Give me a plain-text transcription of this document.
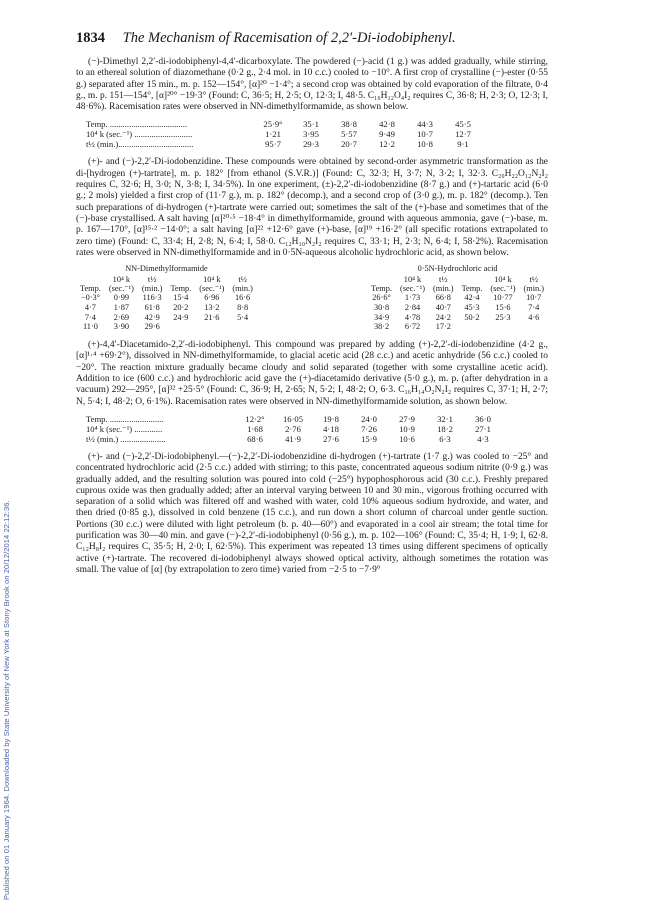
Published on 01 January 1964. Downloaded by State University of New York at Stony Brook on 20/12/2014 22:12:36.
1834 The Mechanism of Racemisation of 2,2′-Di-iodobiphenyl.

(−)-Dimethyl 2,2′-di-iodobiphenyl-4,4′-dicarboxylate. The powdered (−)-acid (1 g.) was added gradually, while stirring, to an ethereal solution of diazomethane (0·2 g., 2·4 mol. in 10 c.c.) cooled to −10°. A first crop of crystalline (−)-ester (0·55 g.) separated after 15 min., m. p. 152—154°, [α]²⁰ −1·4°; a second crop was obtained by cold evaporation of the filtrate, 0·4 g., m. p. 151—154°, [α]²⁰° −19·3° (Found: C, 36·5; H, 2·5; O, 12·3; I, 48·5. C₁₆H₁₂O₄I₂ requires C, 36·8; H, 2·3; O, 12·3; I, 48·6%). Racemisation rates were observed in NN-dimethylformamide, as shown below.

Temp. ....................................	25·9°	35·1	38·8	42·8	44·3	45·5
10⁴ k (sec.⁻¹) ...........................	1·21	3·95	5·57	9·49	10·7	12·7
t½ (min.)...................................	95·7	29·3	20·7	12·2	10·8	9·1

(+)- and (−)-2,2′-Di-iodobenzidine. These compounds were obtained by second-order asymmetric transformation as the di-[hydrogen (+)-tartrate], m. p. 182° [from ethanol (S.V.R.)] (Found: C, 32·3; H, 3·7; N, 3·2; I, 32·3. C₂₀H₂₂O₁₂N₂I₂ requires C, 32·6; H, 3·0; N, 3·8; I, 34·5%). In one experiment, (±)-2,2′-di-iodobenzidine (8·7 g.) and (+)-tartaric acid (6·0 g.; 2 mols) yielded a first crop of (11·7 g.), m. p. 182° (decomp.), and a second crop of (3·0 g.), m. p. 182° (decomp.). Ten such preparations of di-hydrogen (+)-tartrate were carried out; sometimes the salt of the (+)-base and sometimes that of the (−)-base crystallised. A salt having [α]²⁰·⁵ −18·4° in dimethylformamide, ground with aqueous ammonia, gave (−)-base, m. p. 167—170°, [α]¹⁵·² −14·0°; a salt having [α]²² +12·6° gave (+)-base, [α]¹⁹ +16·2° (all specific rotations extrapolated to zero time) (Found: C, 33·4; H, 2·8; N, 6·4; I, 58·0. C₁₂H₁₀N₂I₂ requires C, 33·1; H, 2·3; N, 6·4; I, 58·2%). Racemisation rates were observed in NN-dimethylformamide and in 0·5N-aqueous alcoholic hydrochloric acid, as shown below.

NN-Dimethylformamide
	10⁴ k	t½		10⁴ k	t½
Temp.	(sec.⁻¹)	(min.)	Temp.	(sec.⁻¹)	(min.)
−0·3°	0·99	116·3	15·4	6·96	16·6
4·7	1·87	61·8	20·2	13·2	8·8
7·4	2·69	42·9	24·9	21·6	5·4
11·0	3·90	29·6			
0·5N-Hydrochloric acid
	10⁴ k	t½		10⁴ k	t½
Temp.	(sec.⁻¹)	(min.)	Temp.	(sec.⁻¹)	(min.)
26·6°	1·73	66·8	42·4	10·77	10·7
30·8	2·84	40·7	45·3	15·6	7·4
34·9	4·78	24·2	50·2	25·3	4·6
38·2	6·72	17·2			

(+)-4,4′-Diacetamido-2,2′-di-iodobiphenyl. This compound was prepared by adding (+)-2,2′-di-iodobenzidine (4·2 g., [α]¹·⁴ +69·2°), dissolved in NN-dimethylformamide, to glacial acetic acid (28 c.c.) and acetic anhydride (56 c.c.) cooled to −20°. The reaction mixture gradually became cloudy and solid separated (together with some crystalline acetic acid). Addition to ice (600 c.c.) and hydrochloric acid gave the (+)-diacetamido derivative (5·0 g.), m. p. (after dehydration in a vacuum) 292—295°, [α]³² +25·5° (Found: C, 36·9; H, 2·65; N, 5·2; I, 48·2; O, 6·3. C₁₆H₁₄O₂N₂I₂ requires C, 37·1; H, 2·7; N, 5·4; I, 48·2; O, 6·1%). Racemisation rates were observed in NN-dimethylformamide solution, as shown below.

Temp. .........................	12·2°	16·05	19·8	24·0	27·9	32·1	36·0
10⁴ k (sec.⁻¹) .............	1·68	2·76	4·18	7·26	10·9	18·2	27·1
t½ (min.) .....................	68·6	41·9	27·6	15·9	10·6	6·3	4·3

(+)- and (−)-2,2′-Di-iodobiphenyl.—(−)-2,2′-Di-iodobenzidine di-hydrogen (+)-tartrate (1·7 g.) was cooled to −25° and concentrated hydrochloric acid (2·5 c.c.) added with stirring; to this paste, concentrated aqueous sodium nitrite (0·9 g.) was gradually added, and the resulting solution was poured into cold (−25°) hypophosphorous acid (30 c.c.). Freshly prepared cuprous oxide was then gradually added; after an interval varying between 10 and 30 min., vigorous frothing occurred with separation of a solid which was filtered off and washed with water, cold 10% aqueous sodium hydroxide, and water, and then dried (0·85 g.), dissolved in cold benzene (15 c.c.), and run down a short column of charcoal under gentle suction. Portions (30 c.c.) were diluted with light petroleum (b. p. 40—60°) and evaporated in a cool air stream; the total time for purification was 30—40 min. and gave (−)-2,2′-di-iodobiphenyl (0·56 g.), m. p. 102—106° (Found: C, 35·4; H, 1·9; I, 62·8. C₁₂H₈I₂ requires C, 35·5; H, 2·0; I, 62·5%). This experiment was repeated 13 times using different specimens of optically active (+)-tartrate. The recovered di-iodobiphenyl always showed optical activity, although sometimes the rotation was small. The value of [α] (by extrapolation to zero time) varied from −2·5 to −7·9°
